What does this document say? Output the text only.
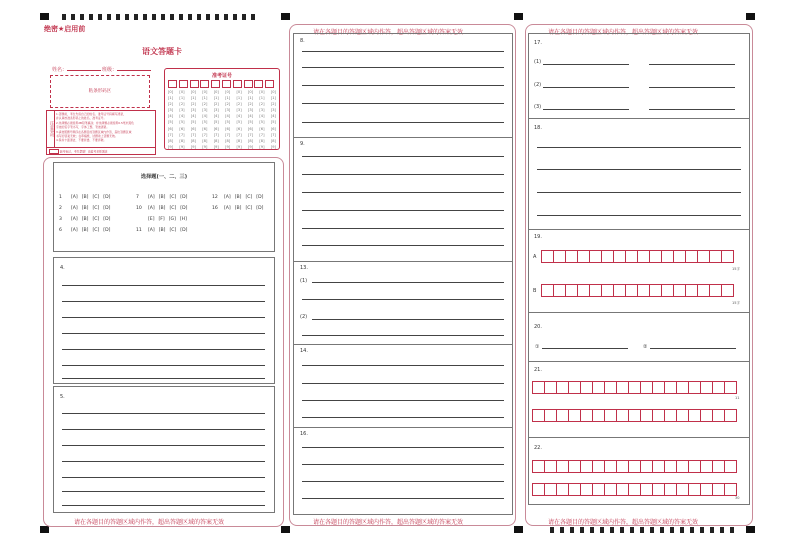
绝密★启用前
语文答题卡
姓名：	班级：
粘条形码区
注意事项
1.答题前，考生先将自己的姓名、准考证号码填写清楚，
并认真核准条形码上的姓名、准考证号。
2.选择题必须使用2B铅笔填涂；非选择题必须使用0.5毫米黑色
字迹的签字笔书写，字体工整、笔迹清楚。
3.请按照题号顺序在各题目的答题区域内作答，超出答题区域
书写的答案无效；在草稿纸、试题卷上答题无效。
4.保持卡面清洁，不要折叠、不要弄破。
缺考标记，考生禁填！由监考老师填涂
准考证号
[0]
[1]
[2]
[3]
[4]
[5]
[6]
[7]
[8]
[9]
[0]
[1]
[2]
[3]
[4]
[5]
[6]
[7]
[8]
[9]
[0]
[1]
[2]
[3]
[4]
[5]
[6]
[7]
[8]
[9]
[0]
[1]
[2]
[3]
[4]
[5]
[6]
[7]
[8]
[9]
[0]
[1]
[2]
[3]
[4]
[5]
[6]
[7]
[8]
[9]
[0]
[1]
[2]
[3]
[4]
[5]
[6]
[7]
[8]
[9]
[0]
[1]
[2]
[3]
[4]
[5]
[6]
[7]
[8]
[9]
[0]
[1]
[2]
[3]
[4]
[5]
[6]
[7]
[8]
[9]
[0]
[1]
[2]
[3]
[4]
[5]
[6]
[7]
[8]
[9]
[0]
[1]
[2]
[3]
[4]
[5]
[6]
[7]
[8]
[9]
选择题(一、二、三)
1 [A] [B] [C] [D]
2 [A] [B] [C] [D]
3 [A] [B] [C] [D]
6 [A] [B] [C] [D]
7 [A] [B] [C] [D]
10 [A] [B] [C] [D]
[E] [F] [G] [H]
11 [A] [B] [C] [D]
12 [A] [B] [C] [D]
16 [A] [B] [C] [D]
4.
5.
请在各题目的答题区域内作答，超出答题区域的答案无效
请在各题目的答题区域内作答，超出答题区域的答案无效
8.
9.
13.
(1)
(2)
14.
16.
请在各题目的答题区域内作答，超出答题区域的答案无效
请在各题目的答题区域内作答，超出答题区域的答案无效
17.
(1)
(2)
(3)
18.
19.
A
15字
B
15字
20.
①	②
21.
11
22.
30
请在各题目的答题区域内作答，超出答题区域的答案无效
